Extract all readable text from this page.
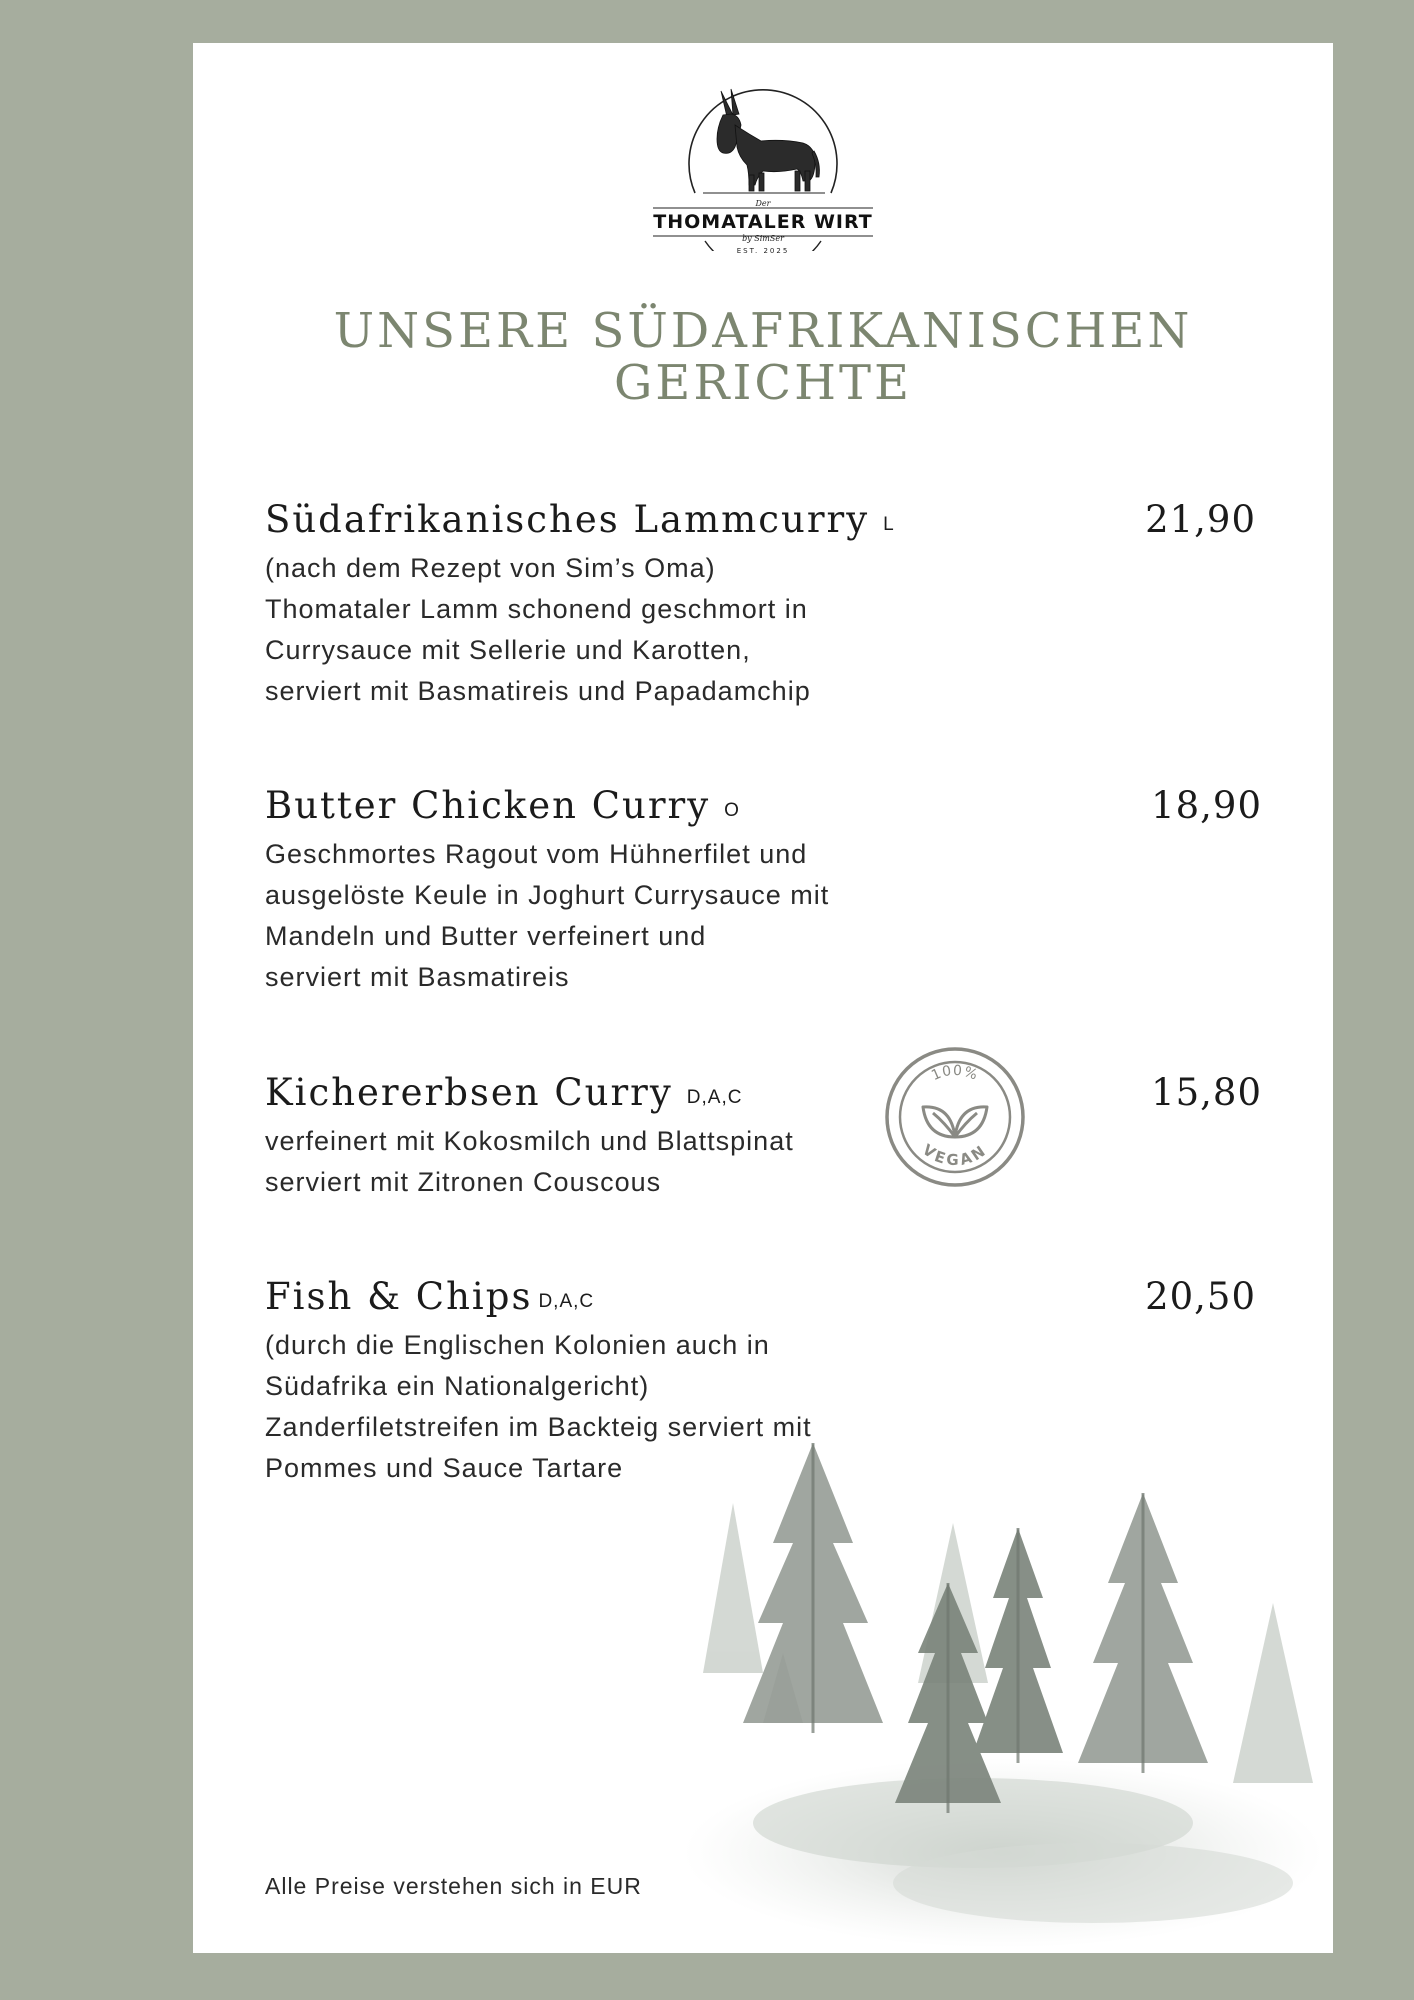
Der
THOMATALER WIRT
by SimSer
EST. 2025
UNSERE SÜDAFRIKANISCHEN
GERICHTE
Südafrikanisches Lammcurry L	21,90
(nach dem Rezept von Sim’s Oma)
Thomataler Lamm schonend geschmort in
Currysauce mit Sellerie und Karotten,
serviert mit Basmatireis und Papadamchip
Butter Chicken Curry O	18,90
Geschmortes Ragout vom Hühnerfilet und
ausgelöste Keule in Joghurt Currysauce mit
Mandeln und Butter verfeinert und
serviert mit Basmatireis
Kichererbsen Curry D,A,C	15,80
verfeinert mit Kokosmilch und Blattspinat
serviert mit Zitronen Couscous
100%
VEGAN
Fish & Chips D,A,C	20,50
(durch die Englischen Kolonien auch in
Südafrika ein Nationalgericht)
Zanderfiletstreifen im Backteig serviert mit
Pommes und Sauce Tartare
Alle Preise verstehen sich in EUR
